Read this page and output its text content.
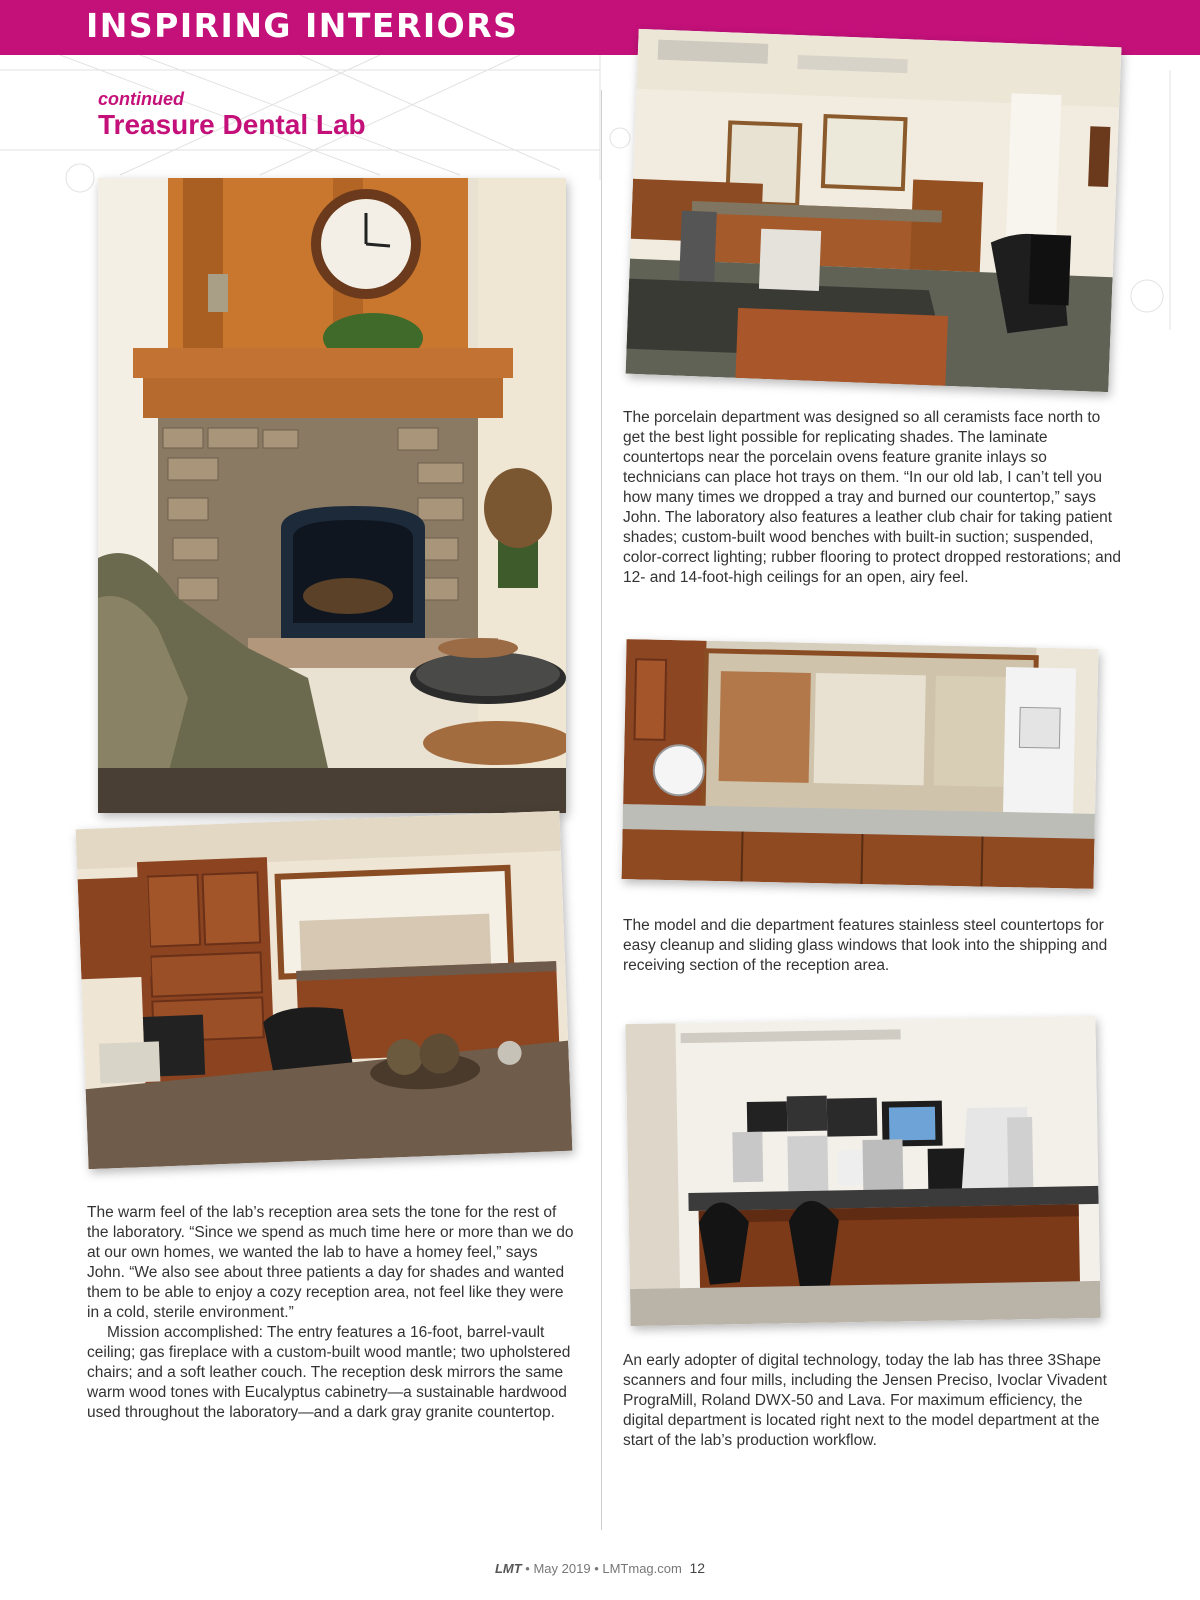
INSPIRING INTERIORS
continued
Treasure Dental Lab

The porcelain department was designed so all ceramists face north to get the best light possible for replicating shades. The laminate countertops near the porcelain ovens feature granite inlays so technicians can place hot trays on them. “In our old lab, I can’t tell you how many times we dropped a tray and burned our countertop,” says John. The laboratory also features a leather club chair for taking patient shades; custom-built wood benches with built-in suction; suspended, color-correct lighting; rubber flooring to protect dropped restorations; and 12- and 14-foot-high ceilings for an open, airy feel.

The warm feel of the lab’s reception area sets the tone for the rest of the laboratory. “Since we spend as much time here or more than we do at our own homes, we wanted the lab to have a homey feel,” says John. “We also see about three patients a day for shades and wanted them to be able to enjoy a cozy reception area, not feel like they were in a cold, sterile environment.”

Mission accomplished: The entry features a 16-foot, barrel-vault ceiling; gas fireplace with a custom-built wood mantle; two upholstered chairs; and a soft leather couch. The reception desk mirrors the same warm wood tones with Eucalyptus cabinetry—a sustainable hardwood used throughout the laboratory—and a dark gray granite countertop.

The model and die department features stainless steel countertops for easy cleanup and sliding glass windows that look into the shipping and receiving section of the reception area.

An early adopter of digital technology, today the lab has three 3Shape scanners and four mills, including the Jensen Preciso, Ivoclar Vivadent PrograMill, Roland DWX-50 and Lava. For maximum efficiency, the digital department is located right next to the model department at the start of the lab’s production workflow.

LMT • May 2019 • LMTmag.com 12
